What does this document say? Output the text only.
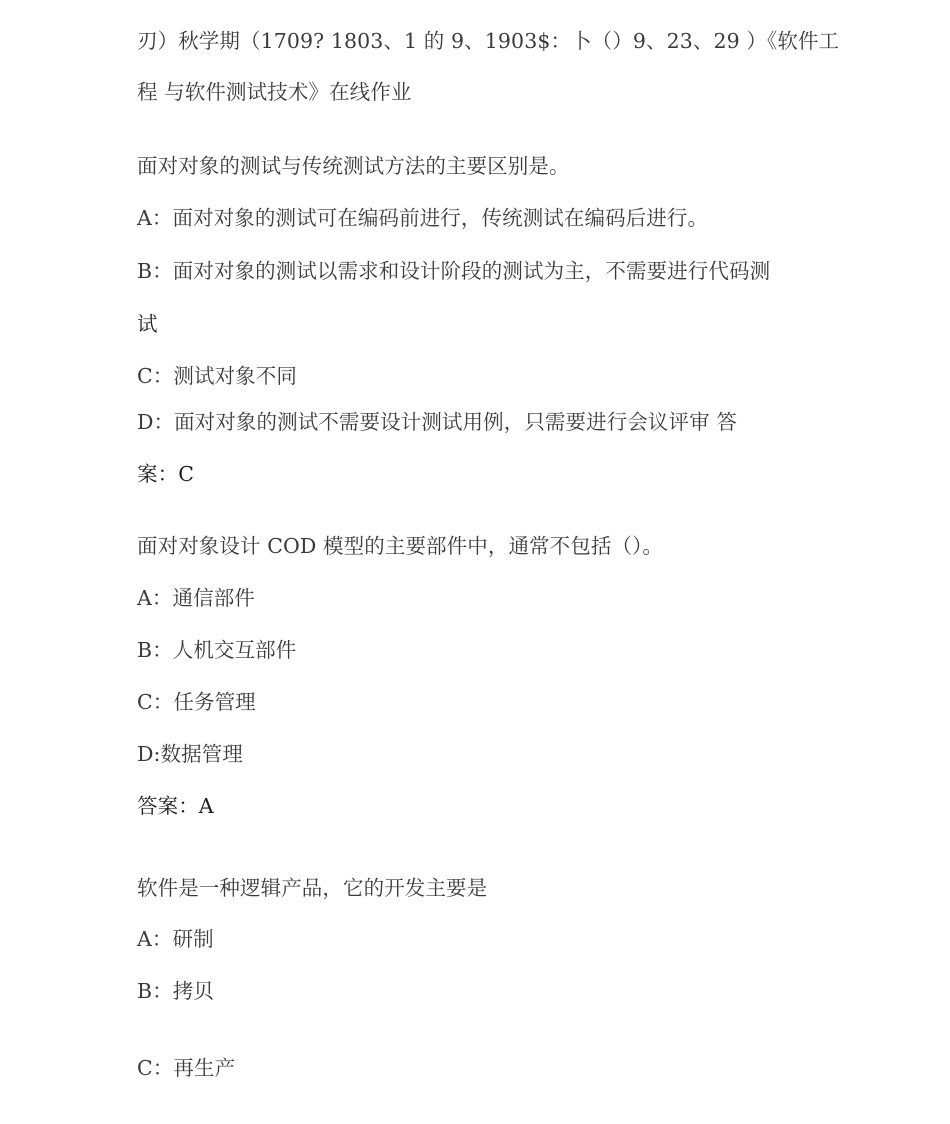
刃）秋学期（1709? 1803、1 的 9、1903$：卜（）9、23、29 ）《软件工
程 与软件测试技术》在线作业
面对对象的测试与传统测试方法的主要区别是。
A：面对对象的测试可在编码前进行，传统测试在编码后进行。
B：面对对象的测试以需求和设计阶段的测试为主，不需要进行代码测
试
C：测试对象不同
D：面对对象的测试不需要设计测试用例，只需要进行会议评审 答
案：C
面对对象设计 COD 模型的主要部件中，通常不包括（）。
A：通信部件
B：人机交互部件
C：任务管理
D:数据管理
答案：A
软件是一种逻辑产品，它的开发主要是
A：研制
B：拷贝
C：再生产
